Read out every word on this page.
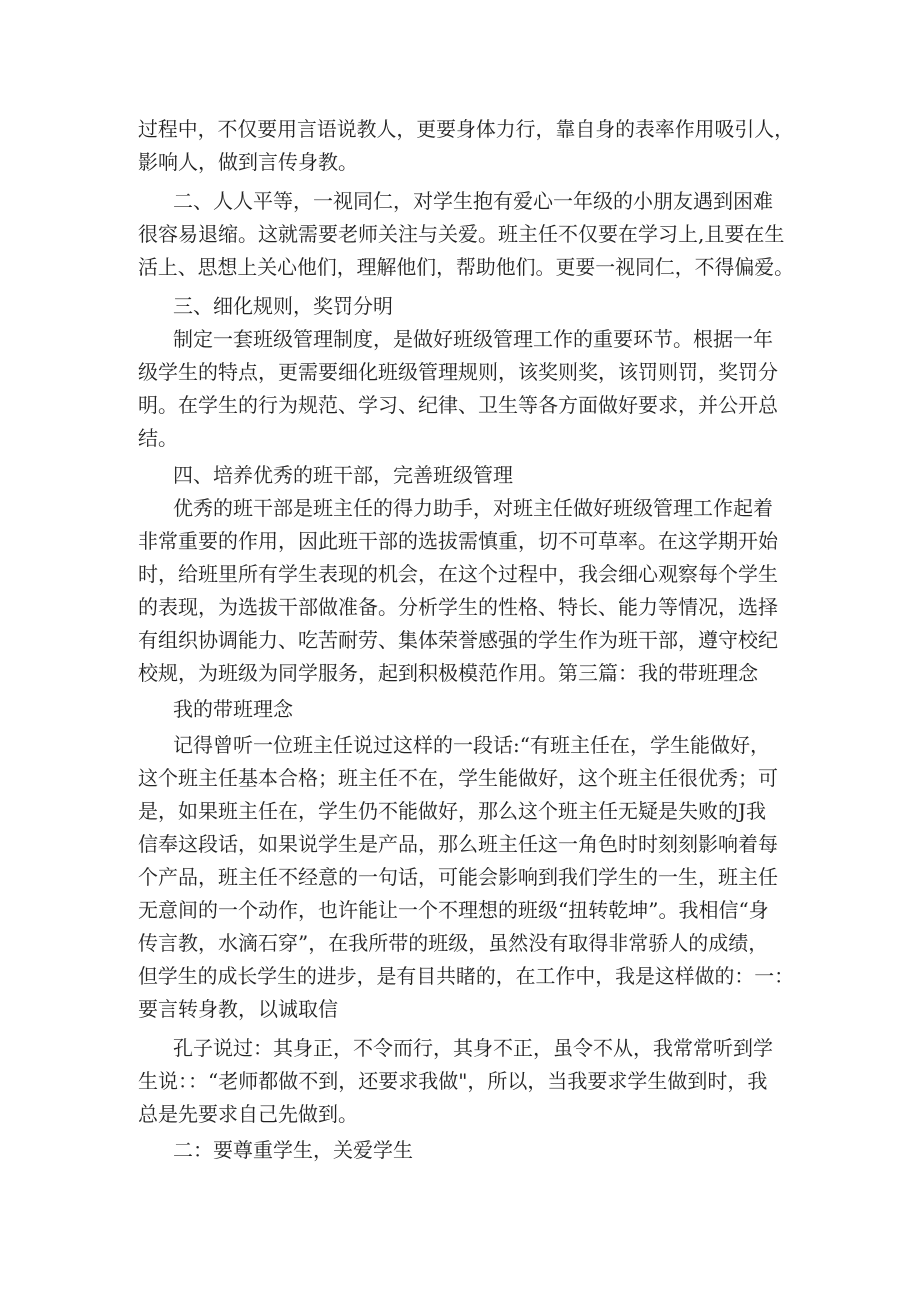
过程中，不仅要用言语说教人，更要身体力行，靠自身的表率作用吸引人，
影响人，做到言传身教。
二、人人平等，一视同仁，对学生抱有爱心一年级的小朋友遇到困难
很容易退缩。这就需要老师关注与关爱。班主任不仅要在学习上,且要在生
活上、思想上关心他们，理解他们，帮助他们。更要一视同仁，不得偏爱。
三、细化规则，奖罚分明
制定一套班级管理制度，是做好班级管理工作的重要环节。根据一年
级学生的特点，更需要细化班级管理规则，该奖则奖，该罚则罚，奖罚分
明。在学生的行为规范、学习、纪律、卫生等各方面做好要求，并公开总
结。
四、培养优秀的班干部，完善班级管理
优秀的班干部是班主任的得力助手，对班主任做好班级管理工作起着
非常重要的作用，因此班干部的选拔需慎重，切不可草率。在这学期开始
时，给班里所有学生表现的机会，在这个过程中，我会细心观察每个学生
的表现，为选拔干部做准备。分析学生的性格、特长、能力等情况，选择
有组织协调能力、吃苦耐劳、集体荣誉感强的学生作为班干部，遵守校纪
校规，为班级为同学服务，起到积极模范作用。第三篇：我的带班理念
我的带班理念
记得曾听一位班主任说过这样的一段话:“有班主任在，学生能做好，
这个班主任基本合格；班主任不在，学生能做好，这个班主任很优秀；可
是，如果班主任在，学生仍不能做好，那么这个班主任无疑是失败的J我
信奉这段话，如果说学生是产品，那么班主任这一角色时时刻刻影响着每
个产品，班主任不经意的一句话，可能会影响到我们学生的一生，班主任
无意间的一个动作，也许能让一个不理想的班级“扭转乾坤”。我相信“身
传言教，水滴石穿”，在我所带的班级，虽然没有取得非常骄人的成绩，
但学生的成长学生的进步，是有目共睹的，在工作中，我是这样做的：一：
要言转身教，以诚取信
孔子说过：其身正，不令而行，其身不正，虽令不从，我常常听到学
生说：：“老师都做不到，还要求我做"，所以，当我要求学生做到时，我
总是先要求自己先做到。
二：要尊重学生，关爱学生
